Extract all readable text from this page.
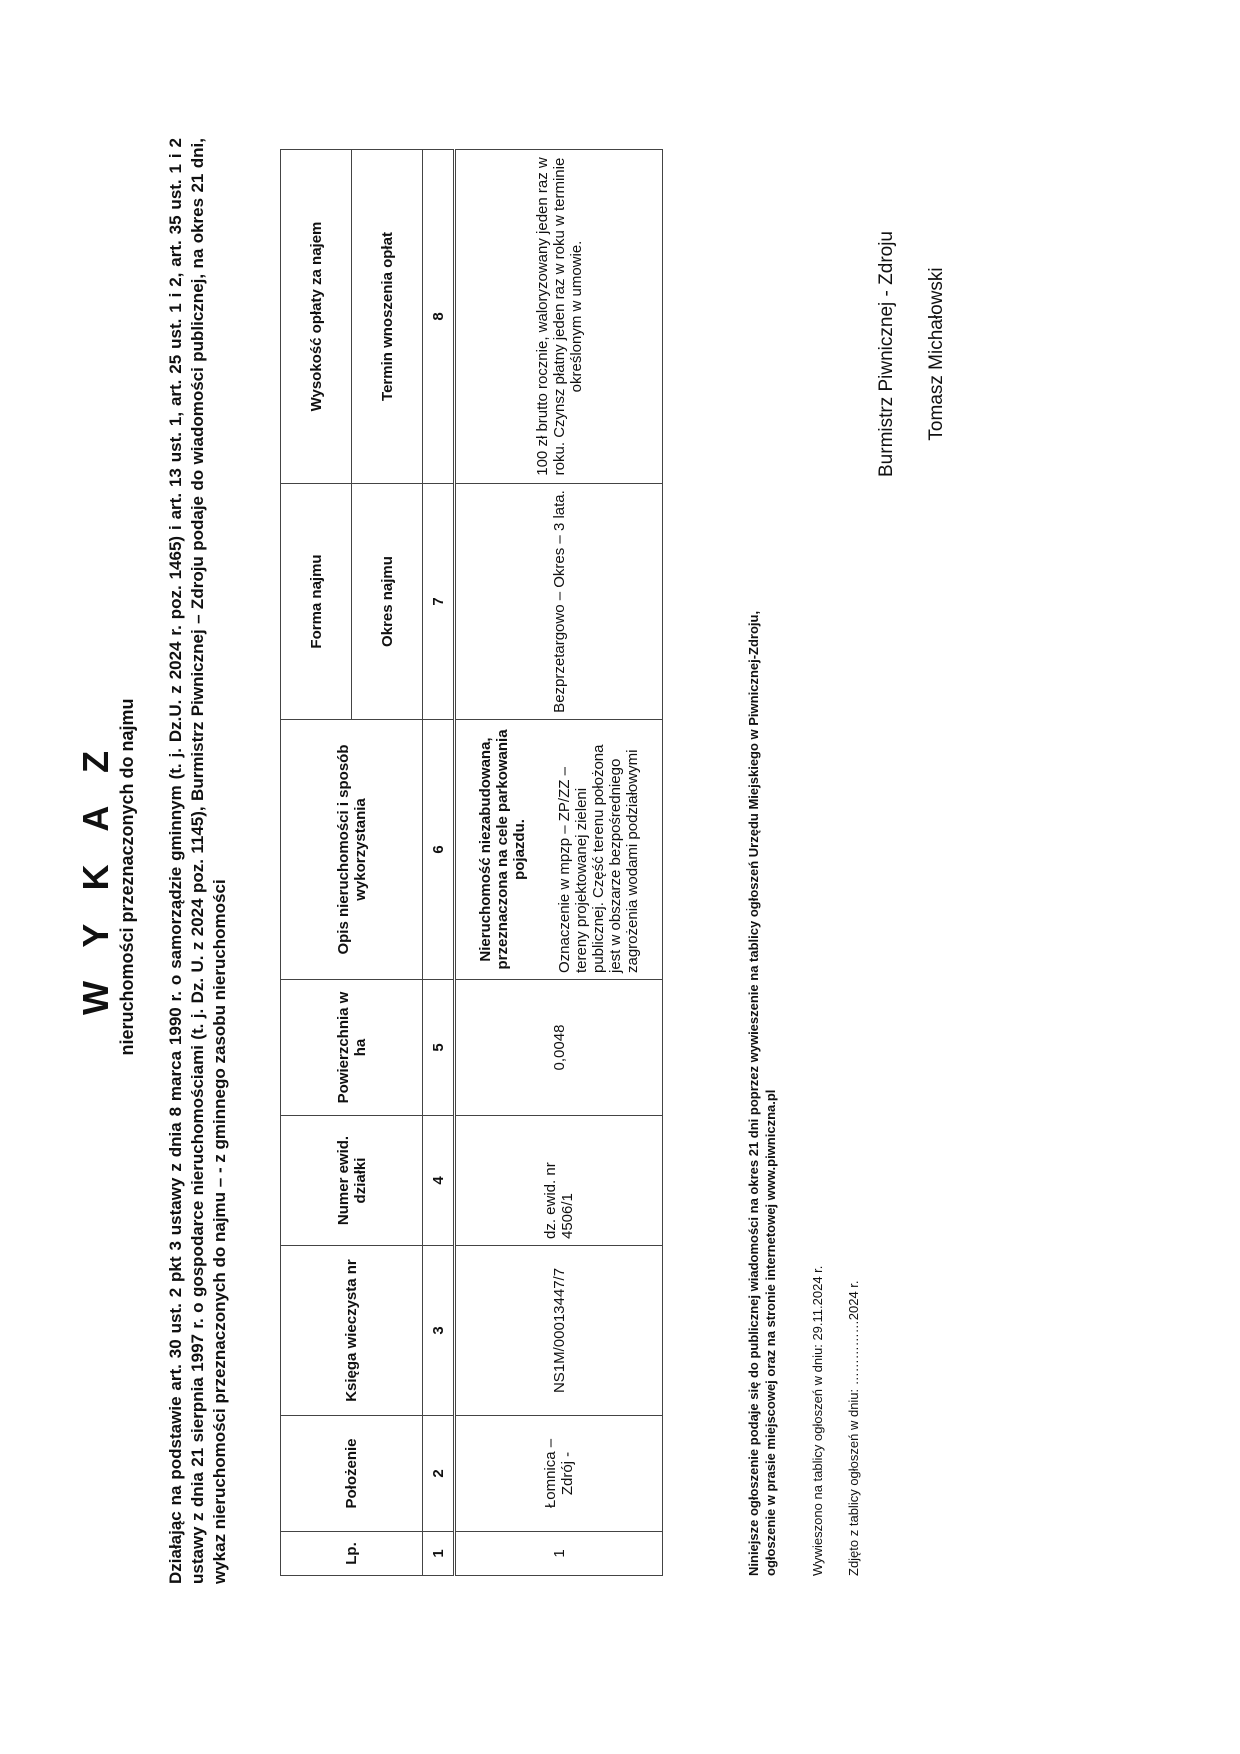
W Y K A Z nieruchomości przeznaczonych do najmu Działając na podstawie art. 30 ust. 2 pkt 3 ustawy z dnia 8 marca 1990 r. o samorządzie gminnym (t. j. Dz.U. z 2024 r. poz. 1465) i art. 13 ust. 1, art. 25 ust. 1 i 2, art. 35 ust. 1 i 2 ustawy z dnia 21 sierpnia 1997 r. o gospodarce nieruchomościami (t. j. Dz. U. z 2024 poz. 1145), Burmistrz Piwnicznej – Zdroju podaje do wiadomości publicznej, na okres 21 dni, wykaz nieruchomości przeznaczonych do najmu – - z gminnego zasobu nieruchomości	Lp.	Położenie	Księga wieczysta nr	Numer ewid. działki	Powierzchnia w ha	Opis nieruchomości i sposób wykorzystania	Forma najmu	Wysokość opłaty za najem
						Okres najmu	Termin wnoszenia opłat
1	2	3	4	5	6	7	8
1	Łomnica – Zdrój -	NS1M/00013447/7	dz. ewid. nr 4506/1	0,0048	Nieruchomość niezabudowana, przeznaczona na cele parkowania pojazdu. Oznaczenie w mpzp – ZP/ZZ – tereny projektowanej zieleni publicznej. Część terenu położona jest w obszarze bezpośredniego zagrożenia wodami podziałowymi	Bezprzetargowo – Okres – 3 lata.	100 zł brutto rocznie, waloryzowany jeden raz w roku. Czynsz płatny jeden raz w roku w terminie określonym w umowie.
Niniejsze ogłoszenie podaje się do publicznej wiadomości na okres 21 dni poprzez wywieszenie na tablicy ogłoszeń Urzędu Miejskiego w Piwnicznej-Zdroju, ogłoszenie w prasie miejscowej oraz na stronie internetowej www.piwniczna.pl Wywieszono na tablicy ogłoszeń w dniu: 29.11.2024 r. Zdjęto z tablicy ogłoszeń w dniu: ……………2024 r.
Burmistrz Piwnicznej - Zdroju Tomasz Michałowski
